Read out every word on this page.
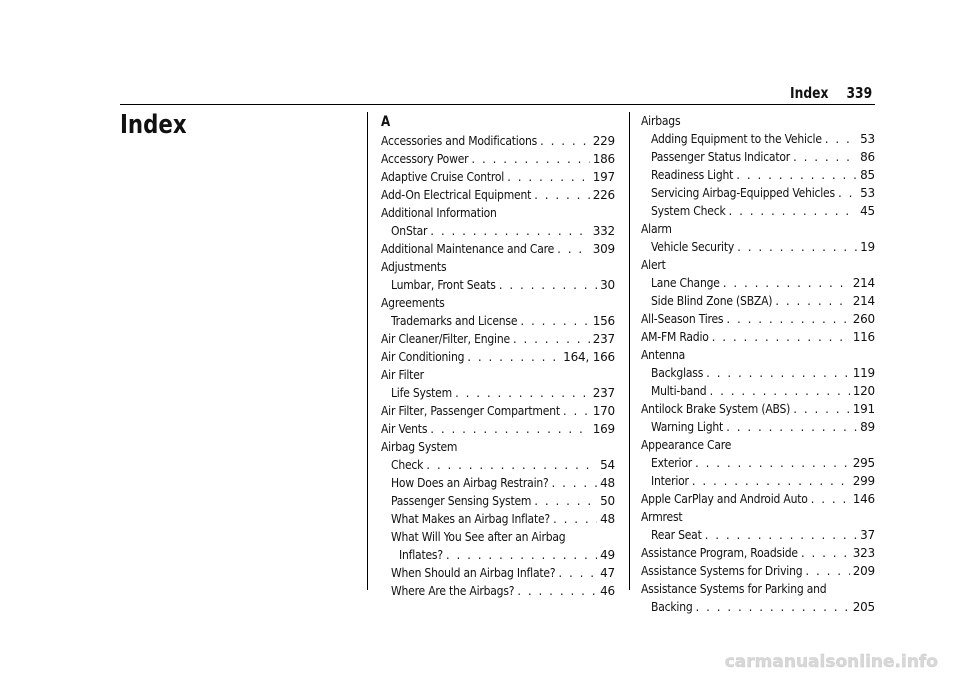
Index 339
Index	A
Accessories and Modifications . . .	229
Accessory Power . . .	186
Adaptive Cruise Control . . .	197
Add-On Electrical Equipment . . .	226
Additional Information
OnStar . . .	332
Additional Maintenance and Care . . .	309
Adjustments
Lumbar, Front Seats . . .	30
Agreements
Trademarks and License . . .	156
Air Cleaner/Filter, Engine . . .	237
Air Conditioning . . .	164, 166
Air Filter
Life System . . .	237
Air Filter, Passenger Compartment . . .	170
Air Vents . . .	169
Airbag System
Check . . .	54
How Does an Airbag Restrain? . . .	48
Passenger Sensing System . . .	50
What Makes an Airbag Inflate? . . .	48
What Will You See after an Airbag
Inflates? . . .	49
When Should an Airbag Inflate? . . .	47
Where Are the Airbags? . . .	46
Airbags
Adding Equipment to the Vehicle . . .	53
Passenger Status Indicator . . .	86
Readiness Light . . .	85
Servicing Airbag-Equipped Vehicles . . . 53
System Check . . .	45
Alarm
Vehicle Security . . .	19
Alert
Lane Change . . .	214
Side Blind Zone (SBZA) . . .	214
All-Season Tires . . .	260
AM-FM Radio . . .	116
Antenna
Backglass . . .	119
Multi-band . . .	120
Antilock Brake System (ABS) . . .	191
Warning Light . . .	89
Appearance Care
Exterior . . .	295
Interior . . .	299
Apple CarPlay and Android Auto . . .	146
Armrest
Rear Seat . . .	37
Assistance Program, Roadside . . .	323
Assistance Systems for Driving . . .	209
Assistance Systems for Parking and
Backing . . .	205
carmanualsonline.info
